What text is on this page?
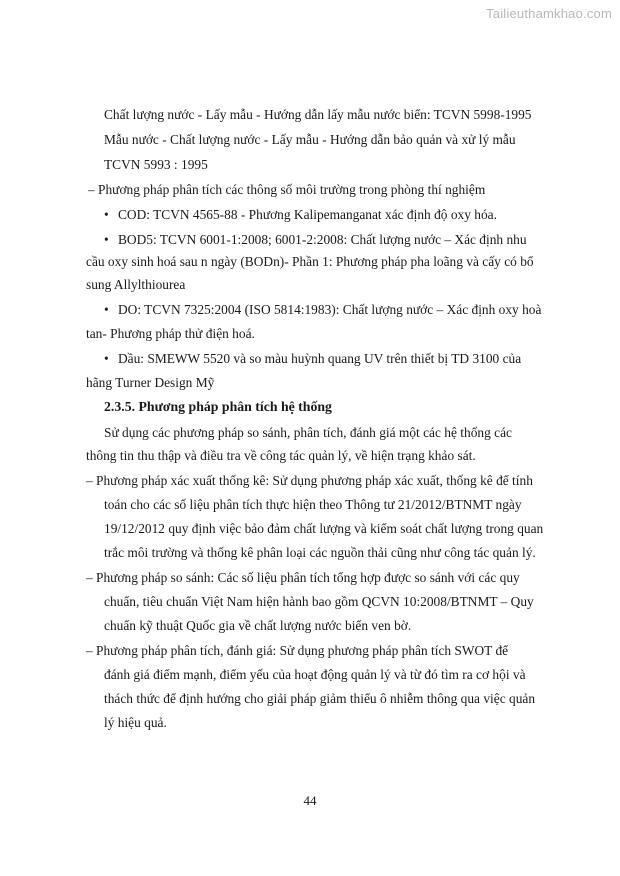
Tailieuthamkhao.com
Chất lượng nước - Lấy mẫu - Hướng dẫn lấy mẫu nước biển: TCVN 5998-1995
Mẫu nước - Chất lượng nước - Lấy mẫu - Hướng dẫn bảo quản và xử lý mẫu
TCVN 5993 : 1995
– Phương pháp phân tích các thông số môi trường trong phòng thí nghiệm
• COD: TCVN 4565-88 - Phương Kalipemanganat xác định độ oxy hóa.
• BOD5: TCVN 6001-1:2008; 6001-2:2008: Chất lượng nước – Xác định nhu
cầu oxy sinh hoá sau n ngày (BODn)- Phần 1: Phương pháp pha loãng và cấy có bổ
sung Allylthiourea
• DO: TCVN 7325:2004 (ISO 5814:1983): Chất lượng nước – Xác định oxy hoà
tan- Phương pháp thử điện hoá.
• Dầu: SMEWW 5520 và so màu huỳnh quang UV trên thiết bị TD 3100 của
hãng Turner Design Mỹ
2.3.5. Phương pháp phân tích hệ thống
Sử dụng các phương pháp so sánh, phân tích, đánh giá một các hệ thống các
thông tin thu thập và điều tra về công tác quản lý, về hiện trạng khảo sát.
– Phương pháp xác xuất thống kê: Sử dụng phương pháp xác xuất, thống kê để tính
toán cho các số liệu phân tích thực hiện theo Thông tư 21/2012/BTNMT ngày
19/12/2012 quy định việc bảo đảm chất lượng và kiểm soát chất lượng trong quan
trắc môi trường và thống kê phân loại các nguồn thải cũng như công tác quản lý.
– Phương pháp so sánh: Các số liệu phân tích tổng hợp được so sánh với các quy
chuẩn, tiêu chuẩn Việt Nam hiện hành bao gồm QCVN 10:2008/BTNMT – Quy
chuẩn kỹ thuật Quốc gia về chất lượng nước biển ven bờ.
– Phương pháp phân tích, đánh giá: Sử dụng phương pháp phân tích SWOT để
đánh giá điểm mạnh, điểm yếu của hoạt động quản lý và từ đó tìm ra cơ hội và
thách thức để định hướng cho giải pháp giảm thiểu ô nhiễm thông qua việc quản
lý hiệu quả.
44
